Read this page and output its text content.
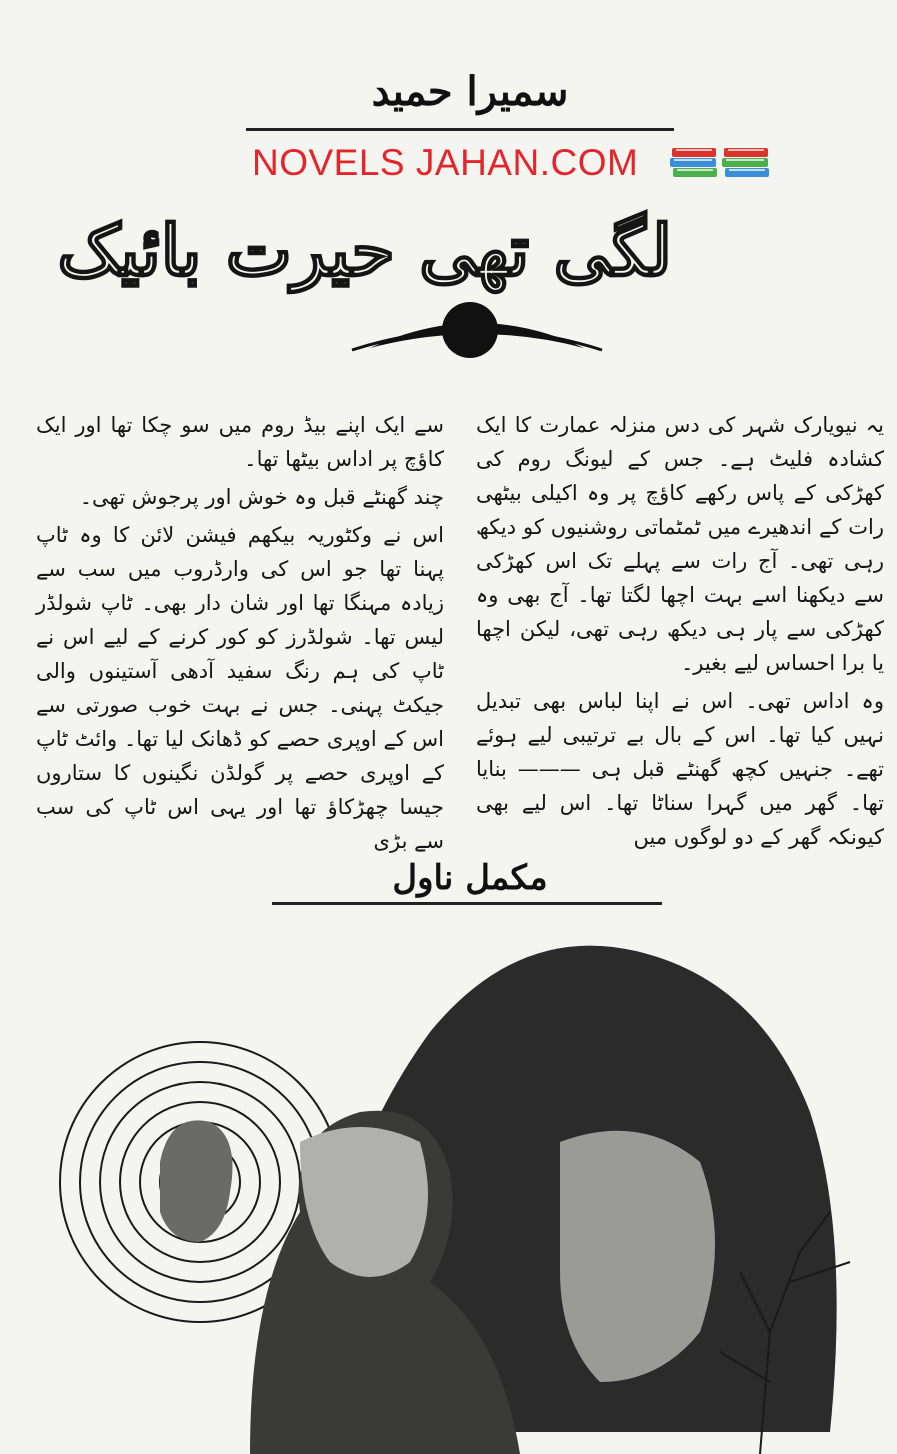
سمیرا حمید
NOVELS JAHAN.COM
لگی تھی حیرت بائیک

یہ نیویارک شہر کی دس منزلہ عمارت کا ایک کشادہ فلیٹ ہے۔ جس کے لیونگ روم کی کھڑکی کے پاس رکھے کاؤچ پر وہ اکیلی بیٹھی رات کے اندھیرے میں ٹمٹماتی روشنیوں کو دیکھ رہی تھی۔ آج رات سے پہلے تک اس کھڑکی سے دیکھنا اسے بہت اچھا لگتا تھا۔ آج بھی وہ کھڑکی سے پار ہی دیکھ رہی تھی، لیکن اچھا یا برا احساس لیے بغیر۔

وہ اداس تھی۔ اس نے اپنا لباس بھی تبدیل نہیں کیا تھا۔ اس کے بال بے ترتیبی لیے ہوئے تھے۔ جنہیں کچھ گھنٹے قبل ہی ——— بنایا تھا۔ گھر میں گہرا سناٹا تھا۔ اس لیے بھی کیونکہ گھر کے دو لوگوں میں

سے ایک اپنے بیڈ روم میں سو چکا تھا اور ایک کاؤچ پر اداس بیٹھا تھا۔

چند گھنٹے قبل وہ خوش اور پرجوش تھی۔

اس نے وکٹوریہ بیکھم فیشن لائن کا وہ ٹاپ پہنا تھا جو اس کی وارڈروب میں سب سے زیادہ مہنگا تھا اور شان دار بھی۔ ٹاپ شولڈر لیس تھا۔ شولڈرز کو کور کرنے کے لیے اس نے ٹاپ کی ہم رنگ سفید آدھی آستینوں والی جیکٹ پہنی۔ جس نے بہت خوب صورتی سے اس کے اوپری حصے کو ڈھانک لیا تھا۔ وائٹ ٹاپ کے اوپری حصے پر گولڈن نگینوں کا ستاروں جیسا چھڑکاؤ تھا اور یہی اس ٹاپ کی سب سے بڑی

مکمل ناول
